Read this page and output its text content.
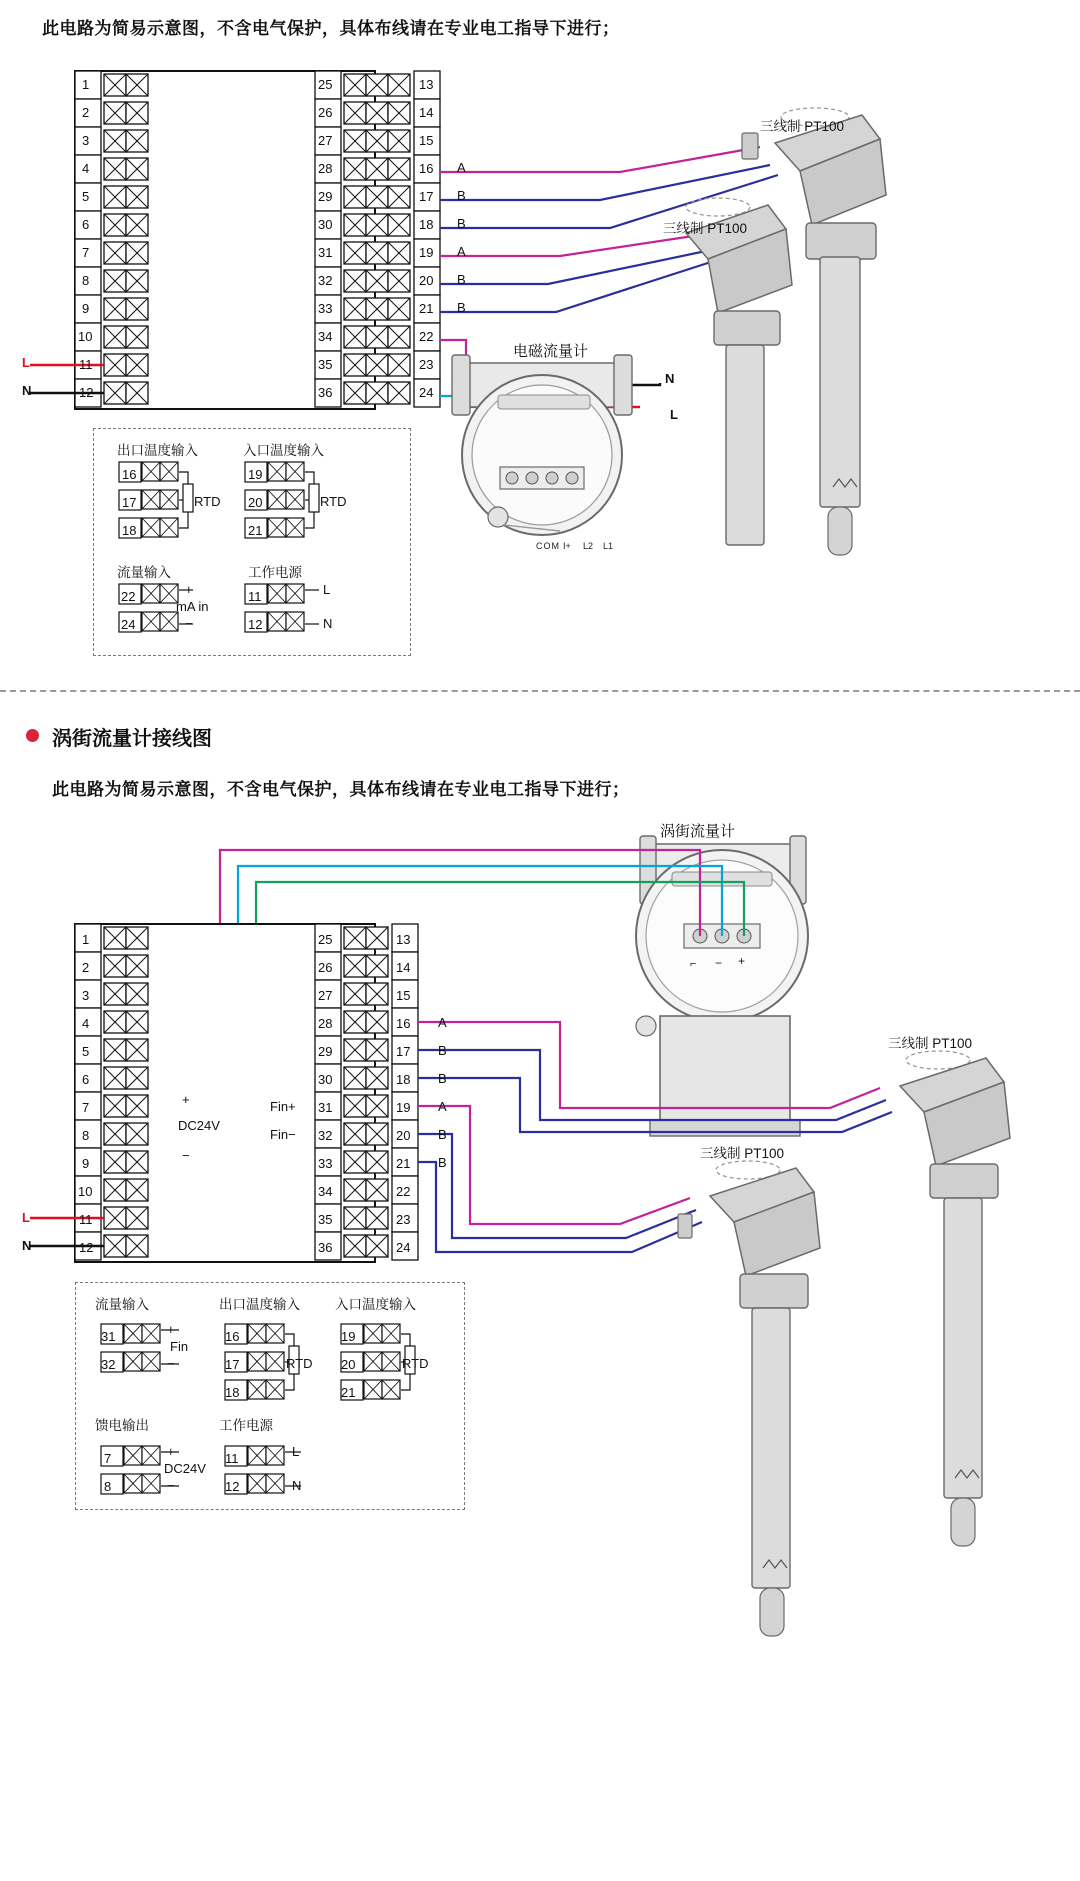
此电路为简易示意图，不含电气保护，具体布线请在专业电工指导下进行；
1
2
3
4
5
6
7
8
9
10
11
12
25
26
27
28
29
30
31
32
33
34
35
36
13
14
15
16
17
18
19
20
21
22
23
24
A
B
B
A
B
B
L
N
N
L
电磁流量计
三线制 PT100
三线制 PT100
COM I+ L2 L1
出口温度输入	入口温度输入
16
17
18
RTD
19
20
21
RTD
流量输入	工作电源
22
24
+
−
mA in
11
12
L
N
涡街流量计接线图
此电路为简易示意图，不含电气保护，具体布线请在专业电工指导下进行；
涡街流量计
⌐ − +
三线制 PT100
三线制 PT100
1
2
3
4
5
6
7
8
9
10
11
12
25
26
27
28
29
30
31
32
33
34
35
36
13
14
15
16
17
18
19
20
21
22
23
24
A
B
B
A
B
B
+
DC24V
−
Fin+
Fin−
L
N
流量输入	出口温度输入	入口温度输入
31
32
+
−
Fin
16
17
18
RTD
19
20
21
RTD
馈电输出	工作电源
7
8
+
−
DC24V
11
12
L
N
